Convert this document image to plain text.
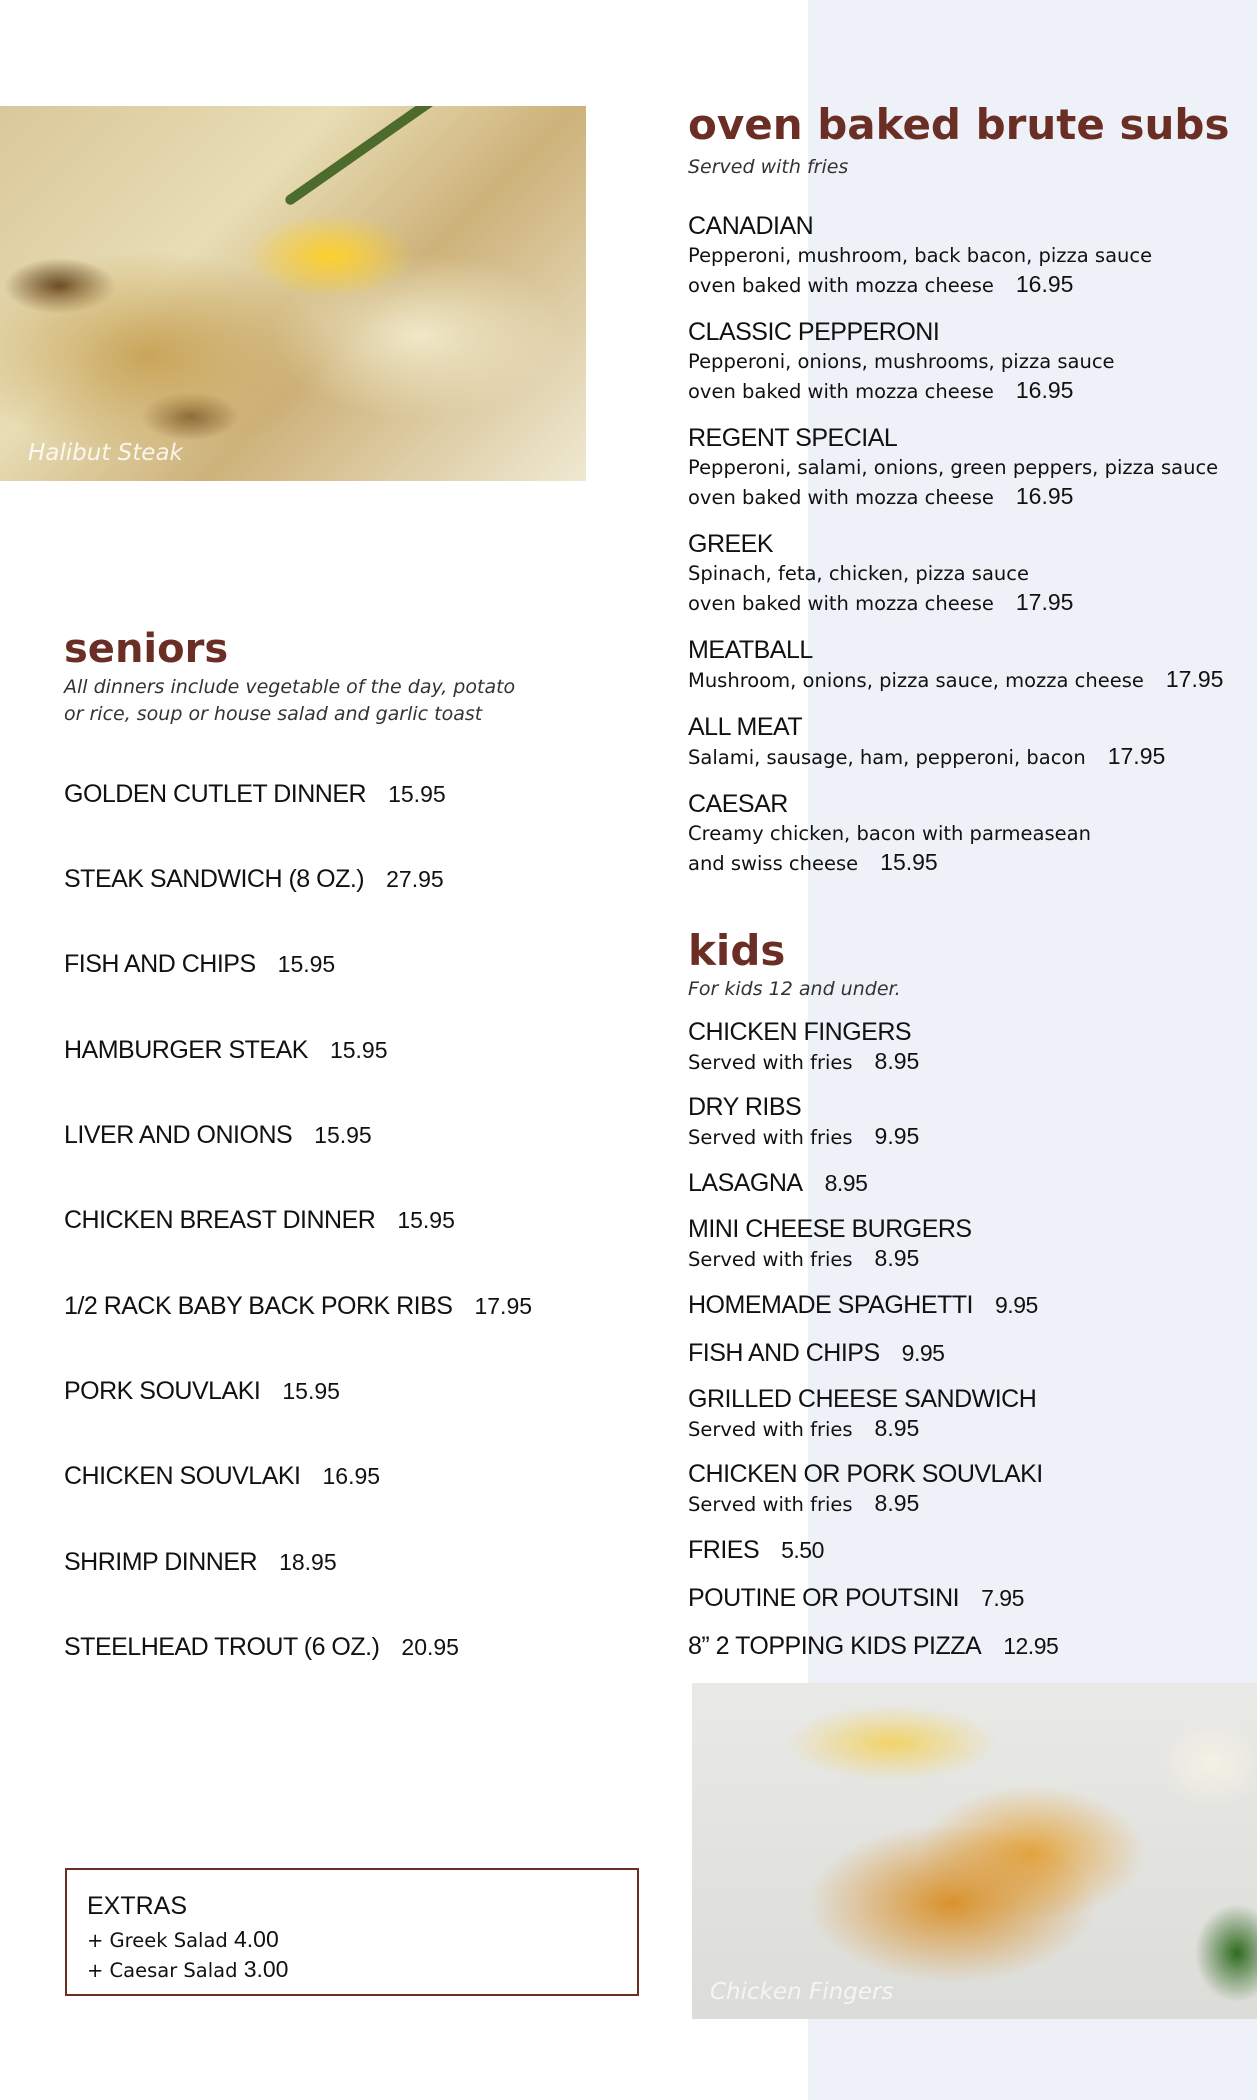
Halibut Steak
seniors

All dinners include vegetable of the day, potato

or rice, soup or house salad and garlic toast

GOLDEN CUTLET DINNER 15.95
STEAK SANDWICH (8 OZ.) 27.95
FISH AND CHIPS 15.95
HAMBURGER STEAK 15.95
LIVER AND ONIONS 15.95
CHICKEN BREAST DINNER 15.95
1/2 RACK BABY BACK PORK RIBS 17.95
PORK SOUVLAKI 15.95
CHICKEN SOUVLAKI 16.95
SHRIMP DINNER 18.95
STEELHEAD TROUT (6 OZ.) 20.95
EXTRAS
+ Greek Salad 4.00
+ Caesar Salad 3.00
oven baked brute subs

Served with fries

CANADIAN
Pepperoni, mushroom, back bacon, pizza sauce
oven baked with mozza cheese 16.95
CLASSIC PEPPERONI
Pepperoni, onions, mushrooms, pizza sauce
oven baked with mozza cheese 16.95
REGENT SPECIAL
Pepperoni, salami, onions, green peppers, pizza sauce
oven baked with mozza cheese 16.95
GREEK
Spinach, feta, chicken, pizza sauce
oven baked with mozza cheese 17.95
MEATBALL
Mushroom, onions, pizza sauce, mozza cheese 17.95
ALL MEAT
Salami, sausage, ham, pepperoni, bacon 17.95
CAESAR
Creamy chicken, bacon with parmeasean
and swiss cheese 15.95
kids

For kids 12 and under.

CHICKEN FINGERS
Served with fries 8.95
DRY RIBS
Served with fries 9.95
LASAGNA 8.95
MINI CHEESE BURGERS
Served with fries 8.95
HOMEMADE SPAGHETTI 9.95
FISH AND CHIPS 9.95
GRILLED CHEESE SANDWICH
Served with fries 8.95
CHICKEN OR PORK SOUVLAKI
Served with fries 8.95
FRIES 5.50
POUTINE OR POUTSINI 7.95
8” 2 TOPPING KIDS PIZZA 12.95
Chicken Fingers
